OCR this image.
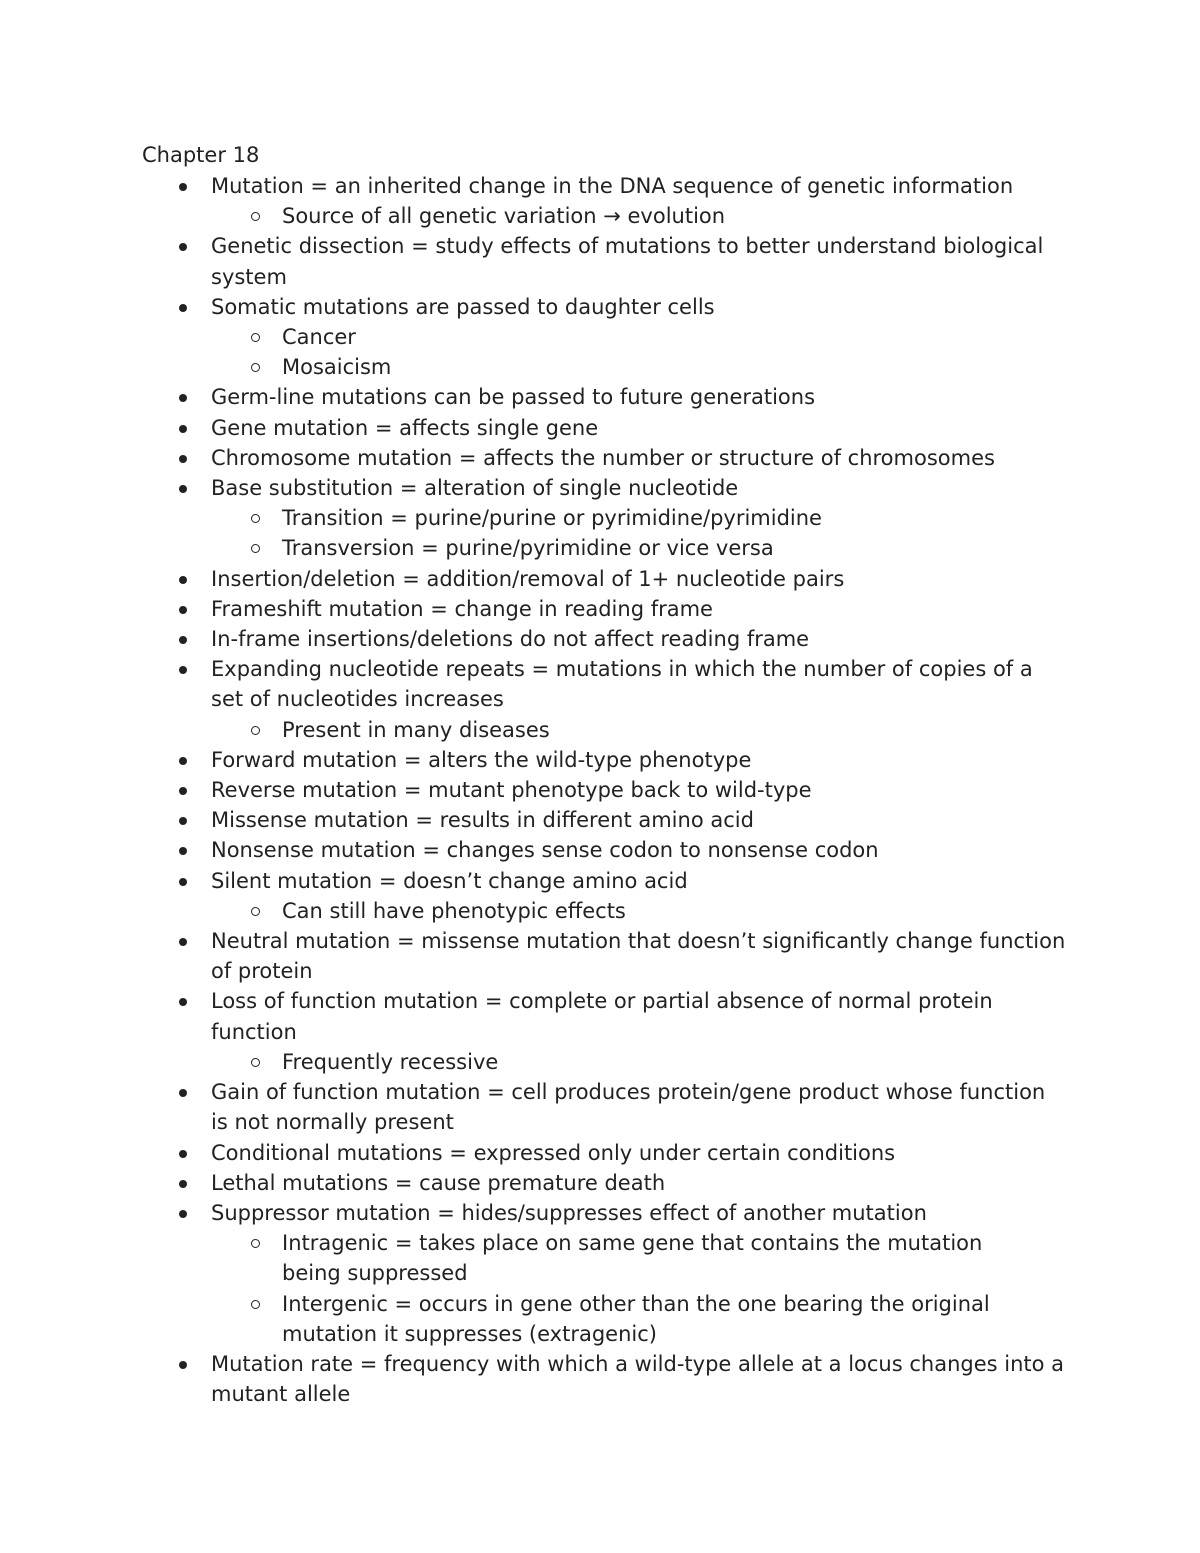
Chapter 18
Mutation = an inherited change in the DNA sequence of genetic information
Source of all genetic variation → evolution
Genetic dissection = study effects of mutations to better understand biological system
Somatic mutations are passed to daughter cells
Cancer
Mosaicism
Germ-line mutations can be passed to future generations
Gene mutation = affects single gene
Chromosome mutation = affects the number or structure of chromosomes
Base substitution = alteration of single nucleotide
Transition = purine/purine or pyrimidine/pyrimidine
Transversion = purine/pyrimidine or vice versa
Insertion/deletion = addition/removal of 1+ nucleotide pairs
Frameshift mutation = change in reading frame
In-frame insertions/deletions do not affect reading frame
Expanding nucleotide repeats = mutations in which the number of copies of a set of nucleotides increases
Present in many diseases
Forward mutation = alters the wild-type phenotype
Reverse mutation = mutant phenotype back to wild-type
Missense mutation = results in different amino acid
Nonsense mutation = changes sense codon to nonsense codon
Silent mutation = doesn’t change amino acid
Can still have phenotypic effects
Neutral mutation = missense mutation that doesn’t significantly change function of protein
Loss of function mutation = complete or partial absence of normal protein function
Frequently recessive
Gain of function mutation = cell produces protein/gene product whose function is not normally present
Conditional mutations = expressed only under certain conditions
Lethal mutations = cause premature death
Suppressor mutation = hides/suppresses effect of another mutation
Intragenic = takes place on same gene that contains the mutation being suppressed
Intergenic = occurs in gene other than the one bearing the original mutation it suppresses (extragenic)
Mutation rate = frequency with which a wild-type allele at a locus changes into a mutant allele
